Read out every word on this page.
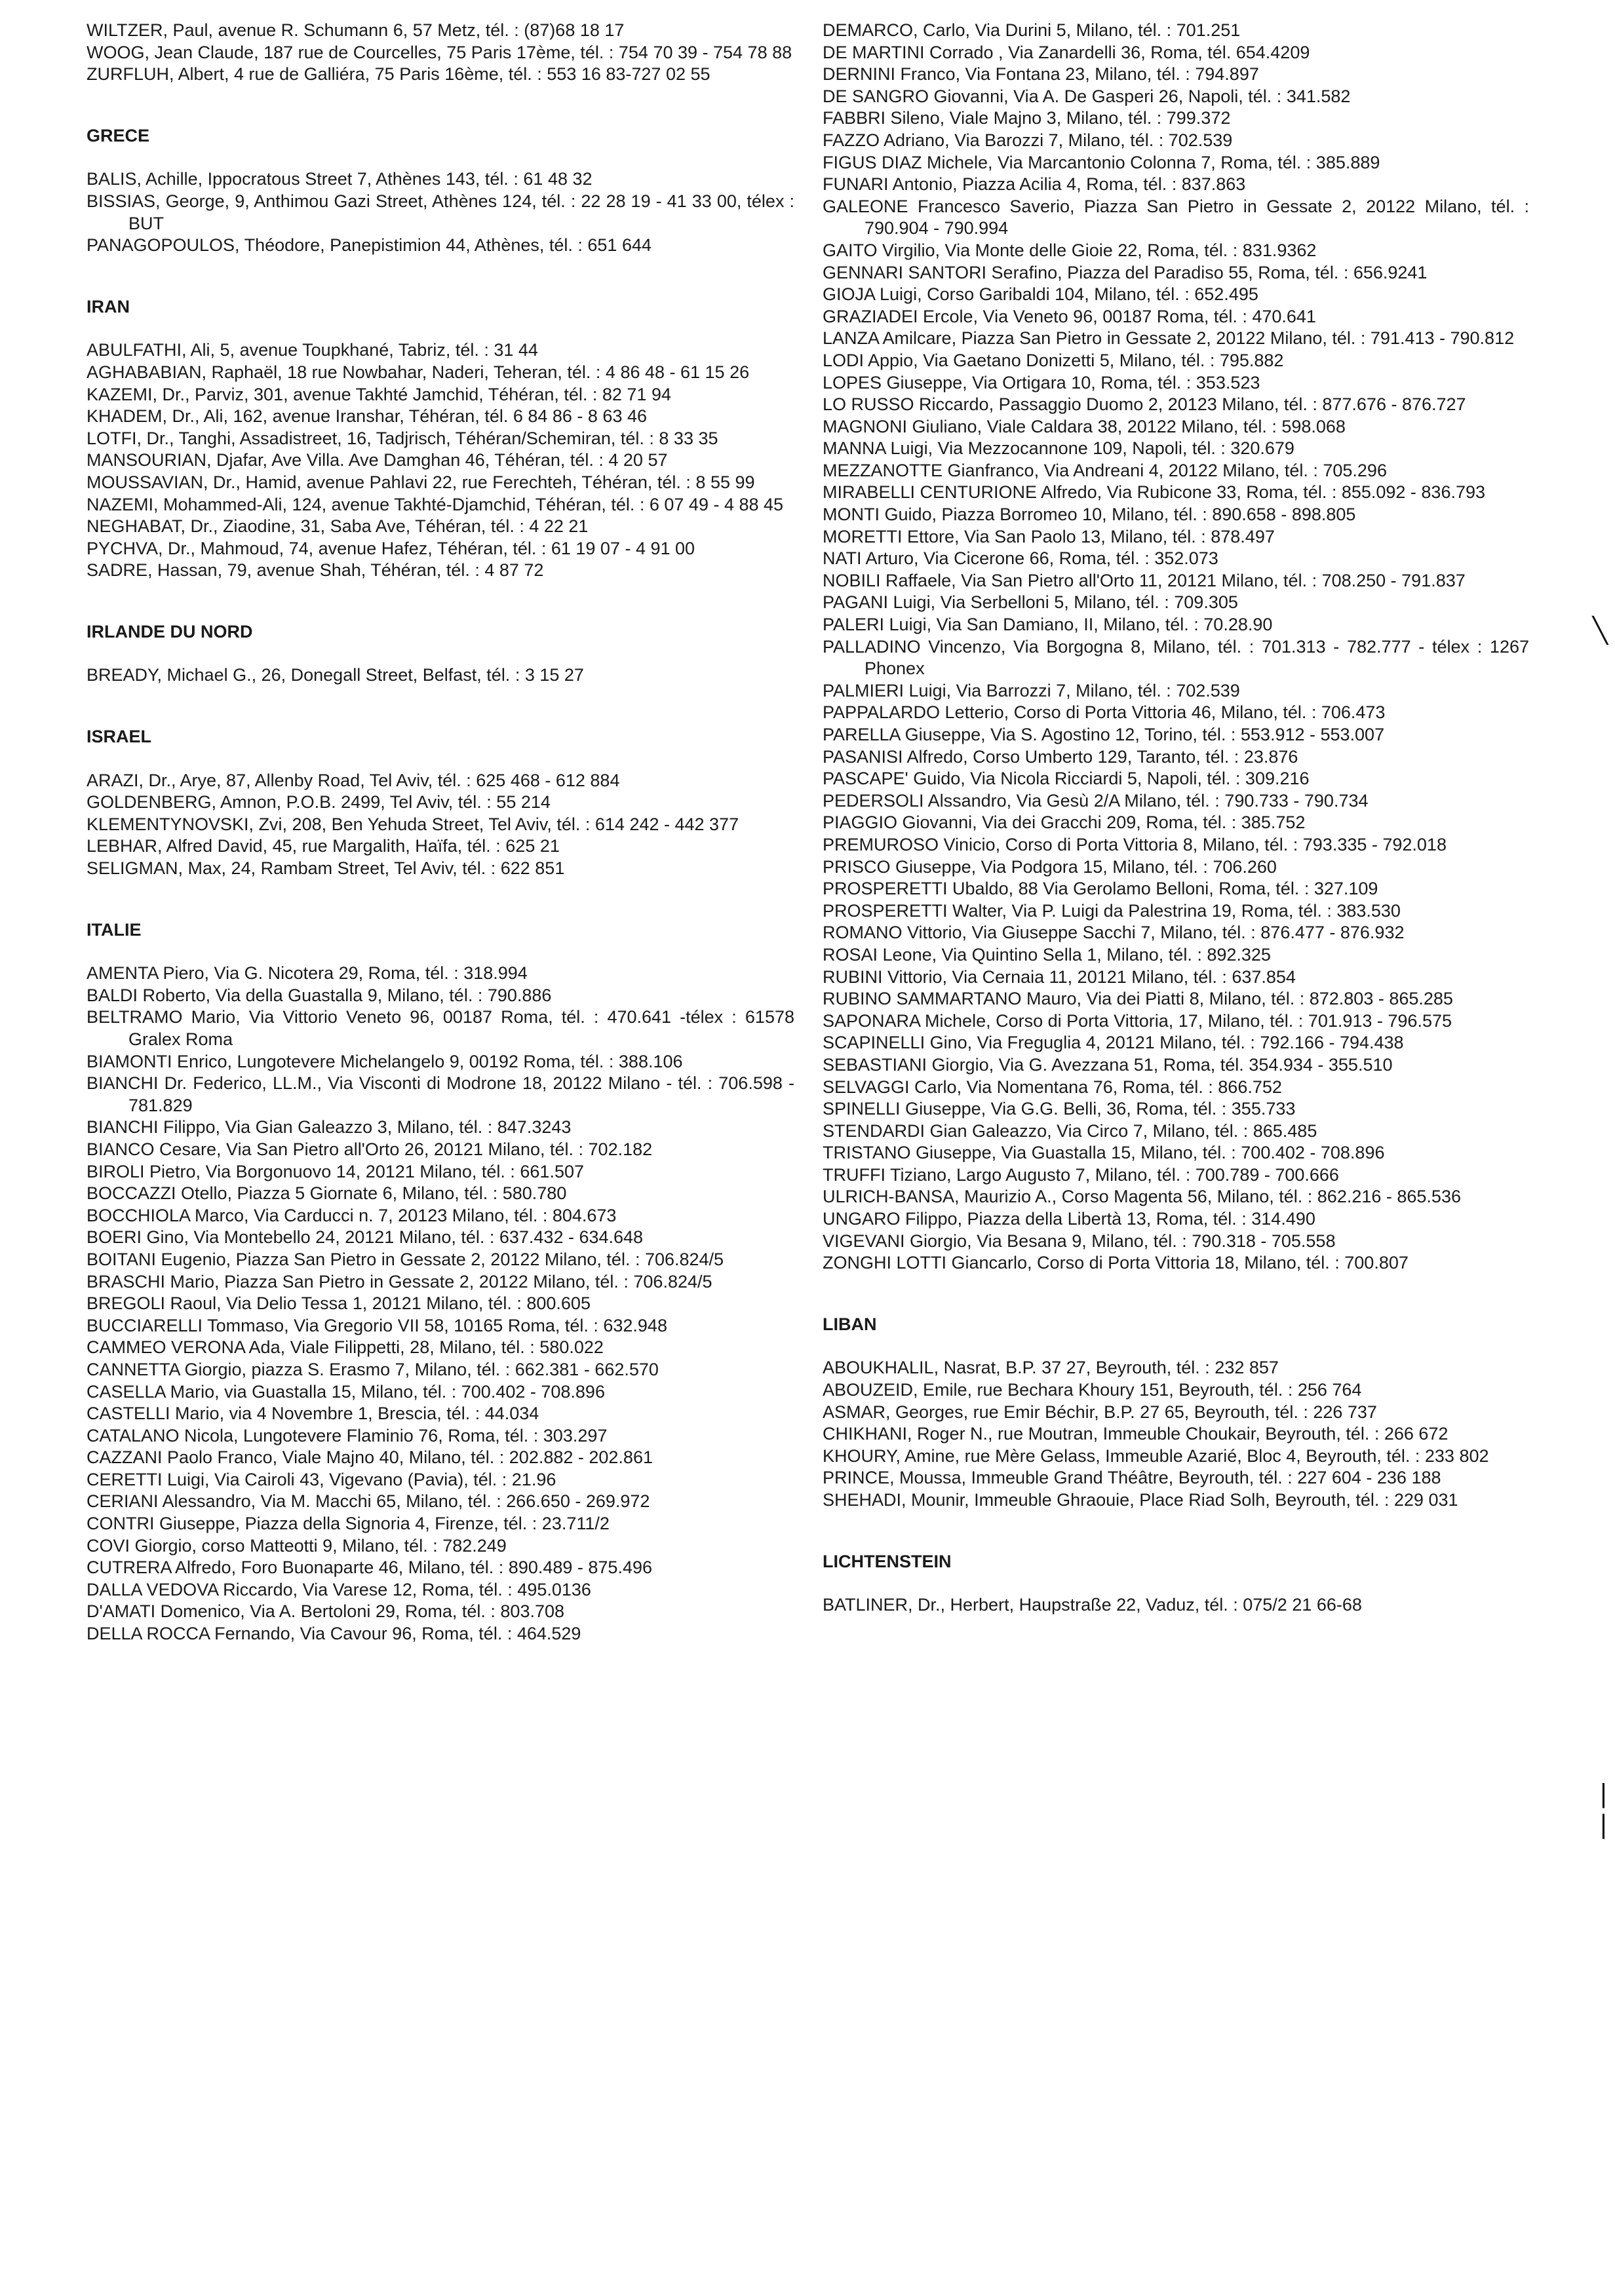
WILTZER, Paul, avenue R. Schumann 6, 57 Metz, tél. : (87)68 18 17

WOOG, Jean Claude, 187 rue de Courcelles, 75 Paris 17ème, tél. : 754 70 39 - 754 78 88

ZURFLUH, Albert, 4 rue de Galliéra, 75 Paris 16ème, tél. : 553 16 83-727 02 55

GRECE

BALIS, Achille, Ippocratous Street 7, Athènes 143, tél. : 61 48 32

BISSIAS, George, 9, Anthimou Gazi Street, Athènes 124, tél. : 22 28 19 - 41 33 00, télex : BUT

PANAGOPOULOS, Théodore, Panepistimion 44, Athènes, tél. : 651 644

IRAN

ABULFATHI, Ali, 5, avenue Toupkhané, Tabriz, tél. : 31 44

AGHABABIAN, Raphaël, 18 rue Nowbahar, Naderi, Teheran, tél. : 4 86 48 - 61 15 26

KAZEMI, Dr., Parviz, 301, avenue Takhté Jamchid, Téhéran, tél. : 82 71 94

KHADEM, Dr., Ali, 162, avenue Iranshar, Téhéran, tél. 6 84 86 - 8 63 46

LOTFI, Dr., Tanghi, Assadistreet, 16, Tadjrisch, Téhéran/Schemiran, tél. : 8 33 35

MANSOURIAN, Djafar, Ave Villa. Ave Damghan 46, Téhéran, tél. : 4 20 57

MOUSSAVIAN, Dr., Hamid, avenue Pahlavi 22, rue Ferechteh, Téhéran, tél. : 8 55 99

NAZEMI, Mohammed-Ali, 124, avenue Takhté-Djamchid, Téhéran, tél. : 6 07 49 - 4 88 45

NEGHABAT, Dr., Ziaodine, 31, Saba Ave, Téhéran, tél. : 4 22 21

PYCHVA, Dr., Mahmoud, 74, avenue Hafez, Téhéran, tél. : 61 19 07 - 4 91 00

SADRE, Hassan, 79, avenue Shah, Téhéran, tél. : 4 87 72

IRLANDE DU NORD

BREADY, Michael G., 26, Donegall Street, Belfast, tél. : 3 15 27

ISRAEL

ARAZI, Dr., Arye, 87, Allenby Road, Tel Aviv, tél. : 625 468 - 612 884

GOLDENBERG, Amnon, P.O.B. 2499, Tel Aviv, tél. : 55 214

KLEMENTYNOVSKI, Zvi, 208, Ben Yehuda Street, Tel Aviv, tél. : 614 242 - 442 377

LEBHAR, Alfred David, 45, rue Margalith, Haïfa, tél. : 625 21

SELIGMAN, Max, 24, Rambam Street, Tel Aviv, tél. : 622 851

ITALIE

AMENTA Piero, Via G. Nicotera 29, Roma, tél. : 318.994

BALDI Roberto, Via della Guastalla 9, Milano, tél. : 790.886

BELTRAMO Mario, Via Vittorio Veneto 96, 00187 Roma, tél. : 470.641 -télex : 61578 Gralex Roma

BIAMONTI Enrico, Lungotevere Michelangelo 9, 00192 Roma, tél. : 388.106

BIANCHI Dr. Federico, LL.M., Via Visconti di Modrone 18, 20122 Milano - tél. : 706.598 - 781.829

BIANCHI Filippo, Via Gian Galeazzo 3, Milano, tél. : 847.3243

BIANCO Cesare, Via San Pietro all'Orto 26, 20121 Milano, tél. : 702.182

BIROLI Pietro, Via Borgonuovo 14, 20121 Milano, tél. : 661.507

BOCCAZZI Otello, Piazza 5 Giornate 6, Milano, tél. : 580.780

BOCCHIOLA Marco, Via Carducci n. 7, 20123 Milano, tél. : 804.673

BOERI Gino, Via Montebello 24, 20121 Milano, tél. : 637.432 - 634.648

BOITANI Eugenio, Piazza San Pietro in Gessate 2, 20122 Milano, tél. : 706.824/5

BRASCHI Mario, Piazza San Pietro in Gessate 2, 20122 Milano, tél. : 706.824/5

BREGOLI Raoul, Via Delio Tessa 1, 20121 Milano, tél. : 800.605

BUCCIARELLI Tommaso, Via Gregorio VII 58, 10165 Roma, tél. : 632.948

CAMMEO VERONA Ada, Viale Filippetti, 28, Milano, tél. : 580.022

CANNETTA Giorgio, piazza S. Erasmo 7, Milano, tél. : 662.381 - 662.570

CASELLA Mario, via Guastalla 15, Milano, tél. : 700.402 - 708.896

CASTELLI Mario, via 4 Novembre 1, Brescia, tél. : 44.034

CATALANO Nicola, Lungotevere Flaminio 76, Roma, tél. : 303.297

CAZZANI Paolo Franco, Viale Majno 40, Milano, tél. : 202.882 - 202.861

CERETTI Luigi, Via Cairoli 43, Vigevano (Pavia), tél. : 21.96

CERIANI Alessandro, Via M. Macchi 65, Milano, tél. : 266.650 - 269.972

CONTRI Giuseppe, Piazza della Signoria 4, Firenze, tél. : 23.711/2

COVI Giorgio, corso Matteotti 9, Milano, tél. : 782.249

CUTRERA Alfredo, Foro Buonaparte 46, Milano, tél. : 890.489 - 875.496

DALLA VEDOVA Riccardo, Via Varese 12, Roma, tél. : 495.0136

D'AMATI Domenico, Via A. Bertoloni 29, Roma, tél. : 803.708

DELLA ROCCA Fernando, Via Cavour 96, Roma, tél. : 464.529

DEMARCO, Carlo, Via Durini 5, Milano, tél. : 701.251

DE MARTINI Corrado , Via Zanardelli 36, Roma, tél. 654.4209

DERNINI Franco, Via Fontana 23, Milano, tél. : 794.897

DE SANGRO Giovanni, Via A. De Gasperi 26, Napoli, tél. : 341.582

FABBRI Sileno, Viale Majno 3, Milano, tél. : 799.372

FAZZO Adriano, Via Barozzi 7, Milano, tél. : 702.539

FIGUS DIAZ Michele, Via Marcantonio Colonna 7, Roma, tél. : 385.889

FUNARI Antonio, Piazza Acilia 4, Roma, tél. : 837.863

GALEONE Francesco Saverio, Piazza San Pietro in Gessate 2, 20122 Milano, tél. : 790.904 - 790.994

GAITO Virgilio, Via Monte delle Gioie 22, Roma, tél. : 831.9362

GENNARI SANTORI Serafino, Piazza del Paradiso 55, Roma, tél. : 656.9241

GIOJA Luigi, Corso Garibaldi 104, Milano, tél. : 652.495

GRAZIADEI Ercole, Via Veneto 96, 00187 Roma, tél. : 470.641

LANZA Amilcare, Piazza San Pietro in Gessate 2, 20122 Milano, tél. : 791.413 - 790.812

LODI Appio, Via Gaetano Donizetti 5, Milano, tél. : 795.882

LOPES Giuseppe, Via Ortigara 10, Roma, tél. : 353.523

LO RUSSO Riccardo, Passaggio Duomo 2, 20123 Milano, tél. : 877.676 - 876.727

MAGNONI Giuliano, Viale Caldara 38, 20122 Milano, tél. : 598.068

MANNA Luigi, Via Mezzocannone 109, Napoli, tél. : 320.679

MEZZANOTTE Gianfranco, Via Andreani 4, 20122 Milano, tél. : 705.296

MIRABELLI CENTURIONE Alfredo, Via Rubicone 33, Roma, tél. : 855.092 - 836.793

MONTI Guido, Piazza Borromeo 10, Milano, tél. : 890.658 - 898.805

MORETTI Ettore, Via San Paolo 13, Milano, tél. : 878.497

NATI Arturo, Via Cicerone 66, Roma, tél. : 352.073

NOBILI Raffaele, Via San Pietro all'Orto 11, 20121 Milano, tél. : 708.250 - 791.837

PAGANI Luigi, Via Serbelloni 5, Milano, tél. : 709.305

PALERI Luigi, Via San Damiano, II, Milano, tél. : 70.28.90

PALLADINO Vincenzo, Via Borgogna 8, Milano, tél. : 701.313 - 782.777 - télex : 1267 Phonex

PALMIERI Luigi, Via Barrozzi 7, Milano, tél. : 702.539

PAPPALARDO Letterio, Corso di Porta Vittoria 46, Milano, tél. : 706.473

PARELLA Giuseppe, Via S. Agostino 12, Torino, tél. : 553.912 - 553.007

PASANISI Alfredo, Corso Umberto 129, Taranto, tél. : 23.876

PASCAPE' Guido, Via Nicola Ricciardi 5, Napoli, tél. : 309.216

PEDERSOLI Alssandro, Via Gesù 2/A Milano, tél. : 790.733 - 790.734

PIAGGIO Giovanni, Via dei Gracchi 209, Roma, tél. : 385.752

PREMUROSO Vinicio, Corso di Porta Vittoria 8, Milano, tél. : 793.335 - 792.018

PRISCO Giuseppe, Via Podgora 15, Milano, tél. : 706.260

PROSPERETTI Ubaldo, 88 Via Gerolamo Belloni, Roma, tél. : 327.109

PROSPERETTI Walter, Via P. Luigi da Palestrina 19, Roma, tél. : 383.530

ROMANO Vittorio, Via Giuseppe Sacchi 7, Milano, tél. : 876.477 - 876.932

ROSAI Leone, Via Quintino Sella 1, Milano, tél. : 892.325

RUBINI Vittorio, Via Cernaia 11, 20121 Milano, tél. : 637.854

RUBINO SAMMARTANO Mauro, Via dei Piatti 8, Milano, tél. : 872.803 - 865.285

SAPONARA Michele, Corso di Porta Vittoria, 17, Milano, tél. : 701.913 - 796.575

SCAPINELLI Gino, Via Freguglia 4, 20121 Milano, tél. : 792.166 - 794.438

SEBASTIANI Giorgio, Via G. Avezzana 51, Roma, tél. 354.934 - 355.510

SELVAGGI Carlo, Via Nomentana 76, Roma, tél. : 866.752

SPINELLI Giuseppe, Via G.G. Belli, 36, Roma, tél. : 355.733

STENDARDI Gian Galeazzo, Via Circo 7, Milano, tél. : 865.485

TRISTANO Giuseppe, Via Guastalla 15, Milano, tél. : 700.402 - 708.896

TRUFFI Tiziano, Largo Augusto 7, Milano, tél. : 700.789 - 700.666

ULRICH-BANSA, Maurizio A., Corso Magenta 56, Milano, tél. : 862.216 - 865.536

UNGARO Filippo, Piazza della Libertà 13, Roma, tél. : 314.490

VIGEVANI Giorgio, Via Besana 9, Milano, tél. : 790.318 - 705.558

ZONGHI LOTTI Giancarlo, Corso di Porta Vittoria 18, Milano, tél. : 700.807

LIBAN

ABOUKHALIL, Nasrat, B.P. 37 27, Beyrouth, tél. : 232 857

ABOUZEID, Emile, rue Bechara Khoury 151, Beyrouth, tél. : 256 764

ASMAR, Georges, rue Emir Béchir, B.P. 27 65, Beyrouth, tél. : 226 737

CHIKHANI, Roger N., rue Moutran, Immeuble Choukair, Beyrouth, tél. : 266 672

KHOURY, Amine, rue Mère Gelass, Immeuble Azarié, Bloc 4, Beyrouth, tél. : 233 802

PRINCE, Moussa, Immeuble Grand Théâtre, Beyrouth, tél. : 227 604 - 236 188

SHEHADI, Mounir, Immeuble Ghraouie, Place Riad Solh, Beyrouth, tél. : 229 031

LICHTENSTEIN

BATLINER, Dr., Herbert, Haupstraße 22, Vaduz, tél. : 075/2 21 66-68

╲
|
|
